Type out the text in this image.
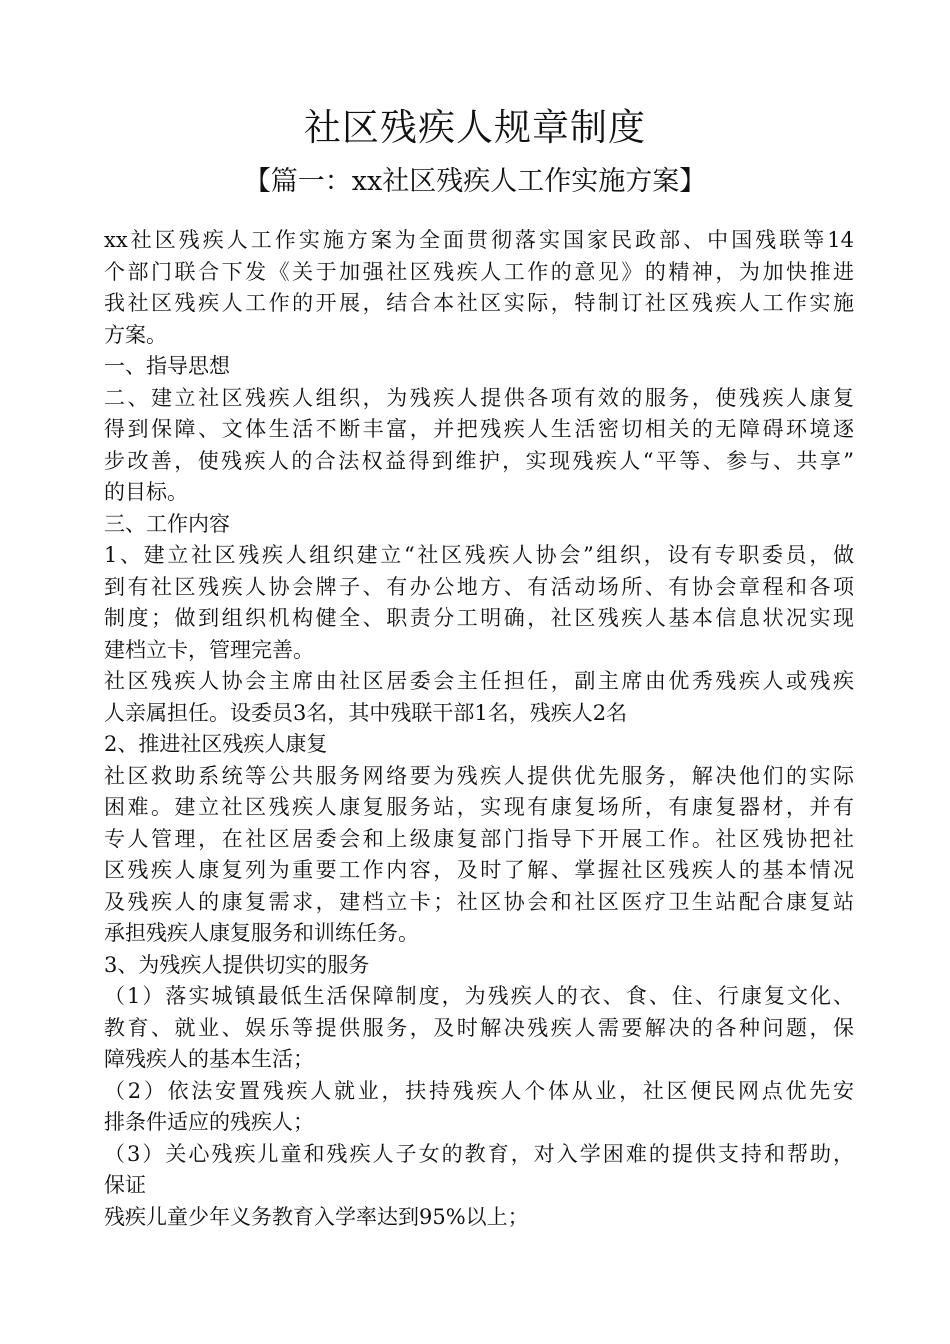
社区残疾人规章制度
【篇一：xx社区残疾人工作实施方案】
xx社区残疾人工作实施方案为全面贯彻落实国家民政部、中国残联等14
个部门联合下发《关于加强社区残疾人工作的意见》的精神，为加快推进
我社区残疾人工作的开展，结合本社区实际，特制订社区残疾人工作实施
方案。
一、指导思想
二、建立社区残疾人组织，为残疾人提供各项有效的服务，使残疾人康复
得到保障、文体生活不断丰富，并把残疾人生活密切相关的无障碍环境逐
步改善，使残疾人的合法权益得到维护，实现残疾人“平等、参与、共享”
的目标。
三、工作内容
1、建立社区残疾人组织建立“社区残疾人协会”组织，设有专职委员，做
到有社区残疾人协会牌子、有办公地方、有活动场所、有协会章程和各项
制度；做到组织机构健全、职责分工明确，社区残疾人基本信息状况实现
建档立卡，管理完善。
社区残疾人协会主席由社区居委会主任担任，副主席由优秀残疾人或残疾
人亲属担任。设委员3名，其中残联干部1名，残疾人2名
2、推进社区残疾人康复
社区救助系统等公共服务网络要为残疾人提供优先服务，解决他们的实际
困难。建立社区残疾人康复服务站，实现有康复场所，有康复器材，并有
专人管理，在社区居委会和上级康复部门指导下开展工作。社区残协把社
区残疾人康复列为重要工作内容，及时了解、掌握社区残疾人的基本情况
及残疾人的康复需求，建档立卡；社区协会和社区医疗卫生站配合康复站
承担残疾人康复服务和训练任务。
3、为残疾人提供切实的服务
（1）落实城镇最低生活保障制度，为残疾人的衣、食、住、行康复文化、
教育、就业、娱乐等提供服务，及时解决残疾人需要解决的各种问题，保
障残疾人的基本生活；
（2）依法安置残疾人就业，扶持残疾人个体从业，社区便民网点优先安
排条件适应的残疾人；
（3）关心残疾儿童和残疾人子女的教育，对入学困难的提供支持和帮助，
保证
残疾儿童少年义务教育入学率达到95%以上；
